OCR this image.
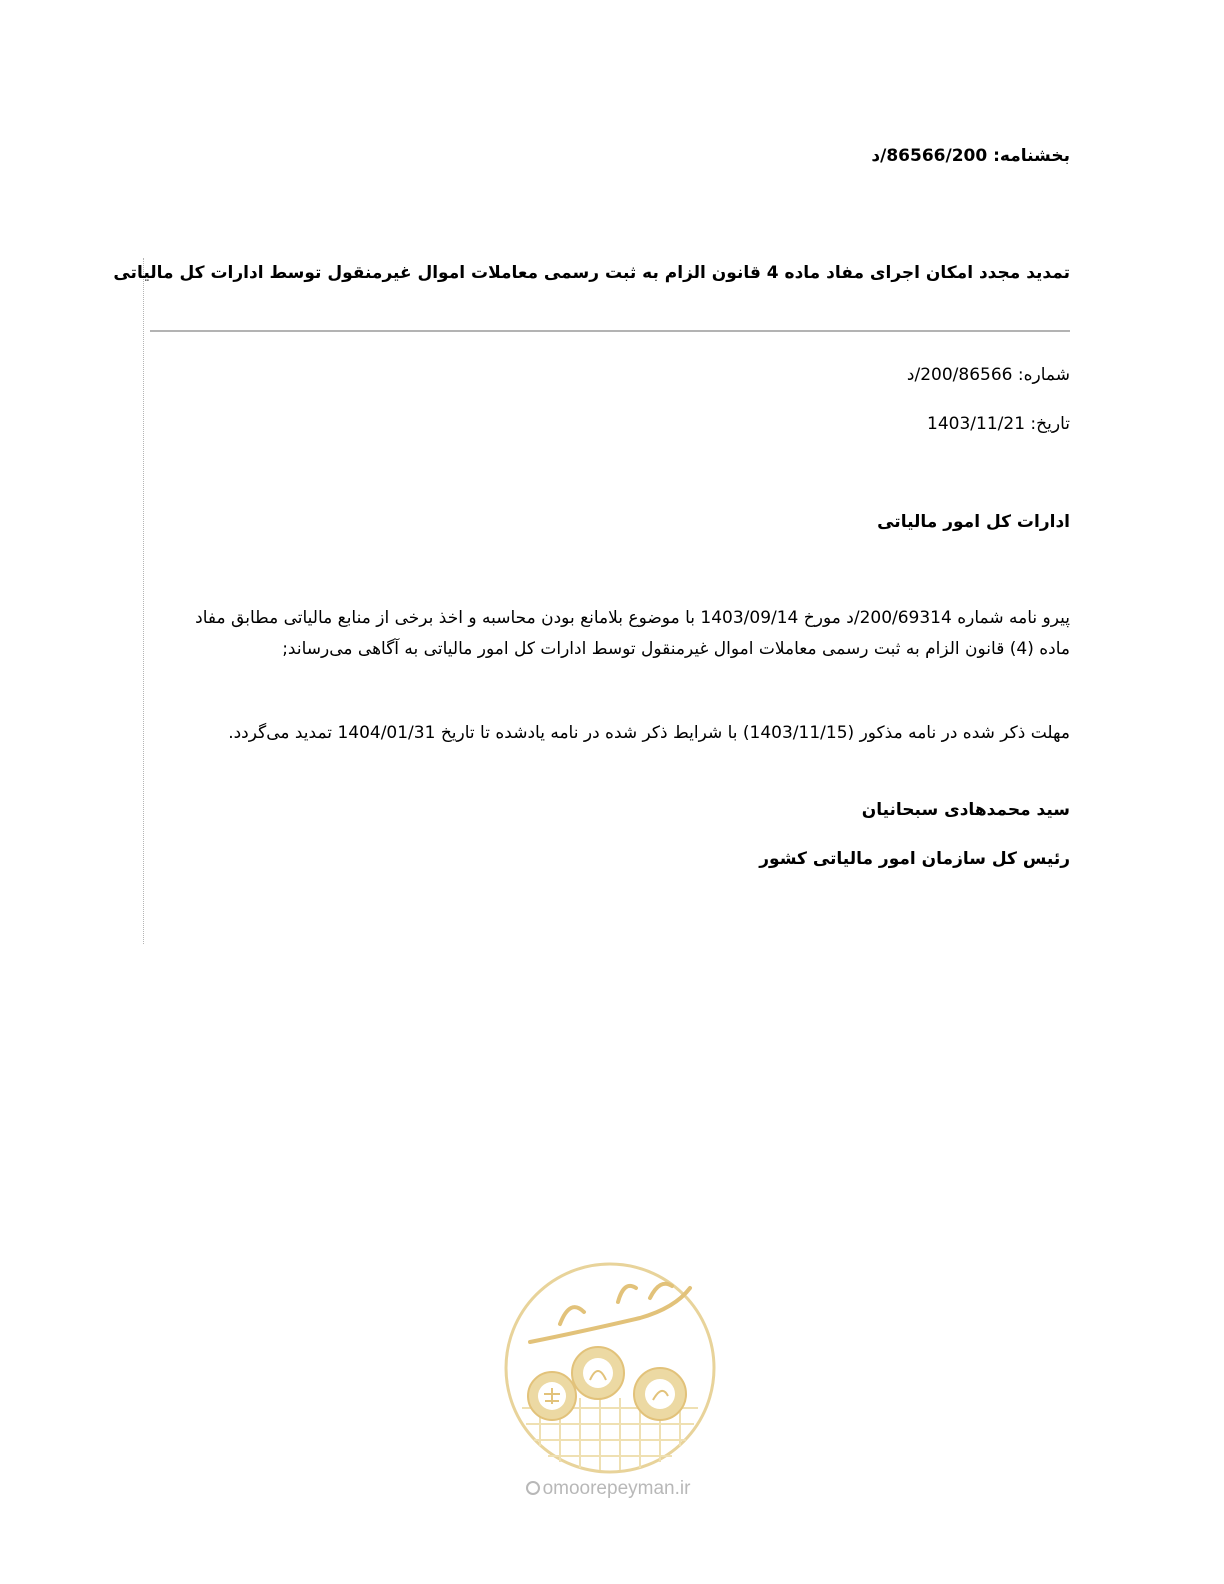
بخشنامه: 86566/200/د
تمدید مجدد امکان اجرای مفاد ماده 4 قانون الزام به ثبت رسمی معاملات اموال غیرمنقول توسط ادارات کل مالیاتی
شماره: 200/86566/د
تاریخ: 1403/11/21
ادارات کل امور مالیاتی
پیرو نامه شماره 200/69314/د مورخ 1403/09/14 با موضوع بلامانع بودن محاسبه و اخذ برخی از منابع مالیاتی مطابق مفاد ماده (4) قانون الزام به ثبت رسمی معاملات اموال غیرمنقول توسط ادارات کل امور مالیاتی به آگاهی می‌رساند;
مهلت ذکر شده در نامه مذکور (1403/11/15) با شرایط ذکر شده در نامه یادشده تا تاریخ 1404/01/31 تمدید می‌گردد.
سید محمدهادی سبحانیان
رئیس کل سازمان امور مالیاتی کشور
omoorepeyman.ir
